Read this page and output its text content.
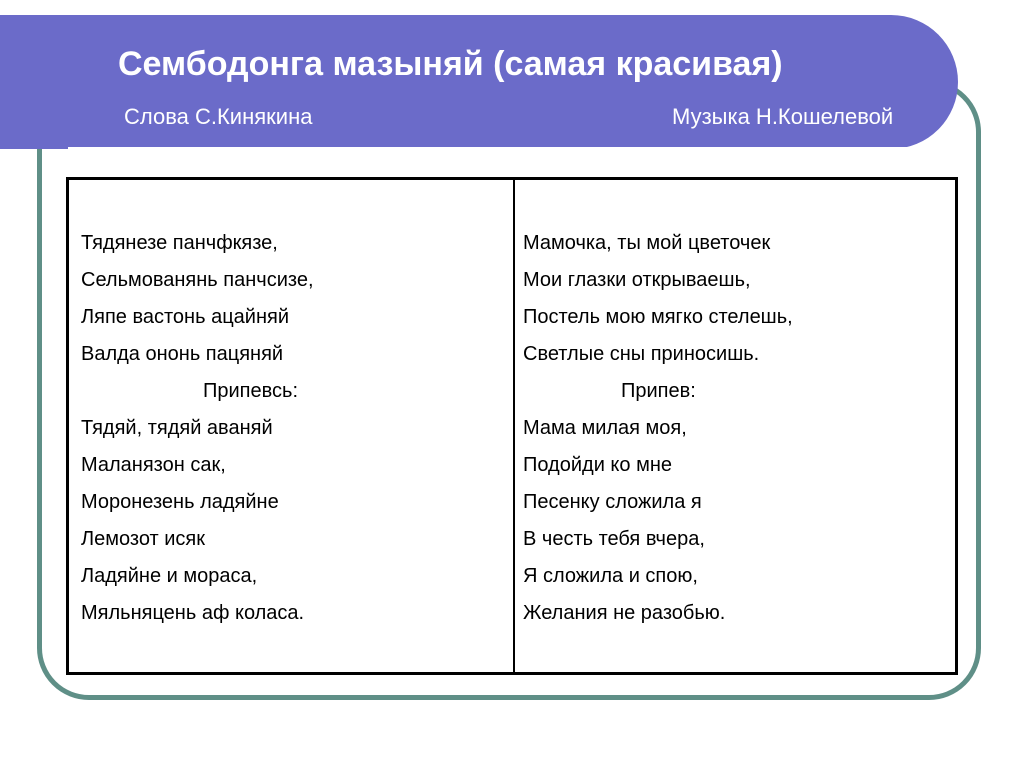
Сембодонга мазыняй (самая красивая)
Слова С.Кинякина	Музыка Н.Кошелевой
Тядянезе панчфкязе,
Сельмованянь панчсизе,
Ляпе вастонь ацайняй
Валда ононь пацяняй
Припевсь:
Тядяй, тядяй аваняй
Маланязон сак,
Моронезень ладяйне
Лемозот исяк
Ладяйне и мораса,
Мяльняцень аф коласа.
Мамочка, ты мой цветочек
Мои глазки открываешь,
Постель мою мягко стелешь,
Светлые сны приносишь.
Припев:
Мама милая моя,
Подойди ко мне
Песенку сложила я
В честь тебя вчера,
Я сложила и спою,
Желания не разобью.
